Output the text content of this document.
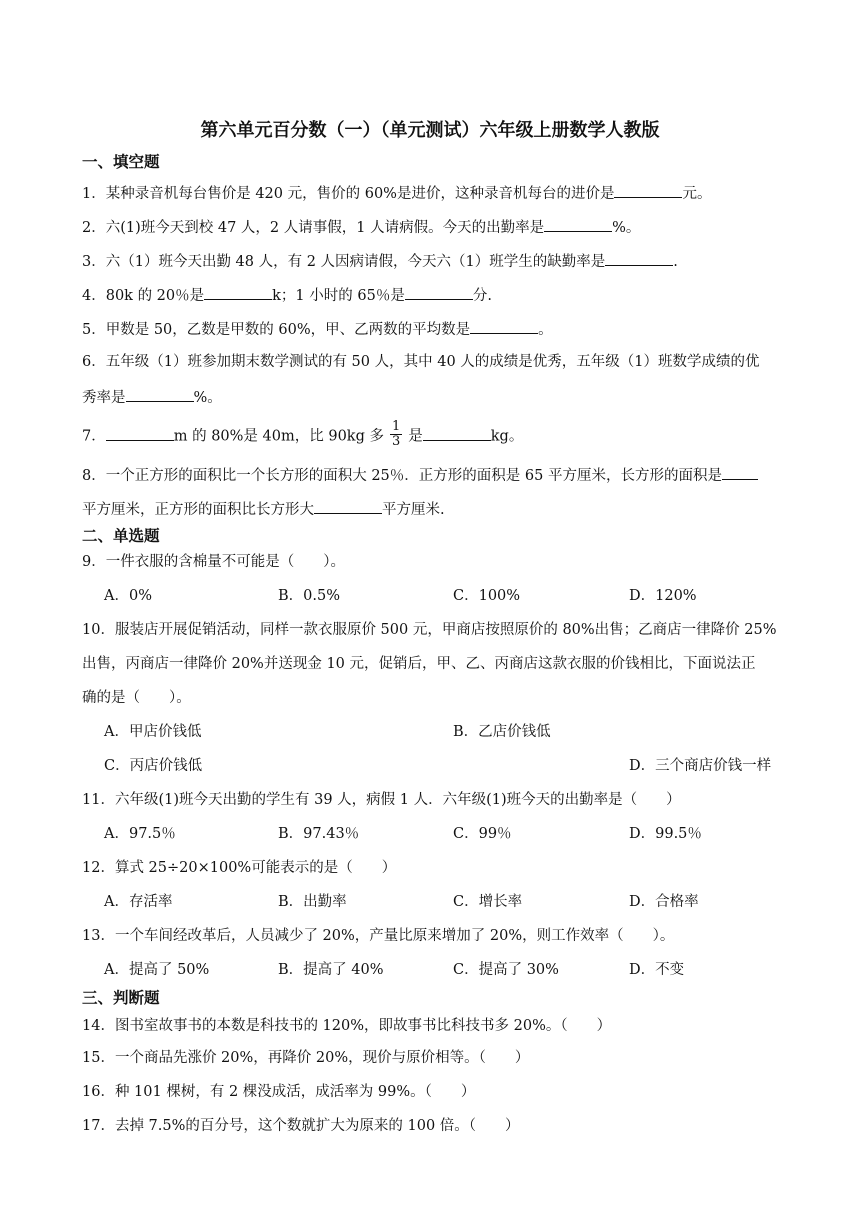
第六单元百分数（一）（单元测试）六年级上册数学人教版
一、填空题
1．某种录音机每台售价是 420 元，售价的 60%是进价，这种录音机每台的进价是	元。
2．六(1)班今天到校 47 人，2 人请事假，1 人请病假。今天的出勤率是	%。
3．六（1）班今天出勤 48 人，有 2 人因病请假，今天六（1）班学生的缺勤率是	.
4．80k 的 20％是	k；1 小时的 65％是	分.
5．甲数是 50，乙数是甲数的 60%，甲、乙两数的平均数是	。
6．五年级（1）班参加期末数学测试的有 50 人，其中 40 人的成绩是优秀，五年级（1）班数学成绩的优
秀率是	%。
7．	m 的 80%是 40m，比 90kg 多 $\frac{1}{3}$ 是	kg。
8．一个正方形的面积比一个长方形的面积大 25％．正方形的面积是 65 平方厘米，长方形的面积是
平方厘米，正方形的面积比长方形大	平方厘米.
二、单选题
9．一件衣服的含棉量不可能是（　　）。
A．0%	B．0.5%	C．100%	D．120%
10．服装店开展促销活动，同样一款衣服原价 500 元，甲商店按照原价的 80%出售；乙商店一律降价 25%
出售，丙商店一律降价 20%并送现金 10 元，促销后，甲、乙、丙商店这款衣服的价钱相比，下面说法正
确的是（　　）。
A．甲店价钱低	B．乙店价钱低
C．丙店价钱低	D．三个商店价钱一样
11．六年级(1)班今天出勤的学生有 39 人，病假 1 人．六年级(1)班今天的出勤率是（　　）
A．97.5％	B．97.43％	C．99％	D．99.5％
12．算式 25÷20×100%可能表示的是（　　）
A．存活率	B．出勤率	C．增长率	D．合格率
13．一个车间经改革后，人员减少了 20%，产量比原来增加了 20%，则工作效率（　　）。
A．提高了 50%	B．提高了 40%	C．提高了 30%	D．不变
三、判断题
14．图书室故事书的本数是科技书的 120%，即故事书比科技书多 20%。（　　）
15．一个商品先涨价 20%，再降价 20%，现价与原价相等。（　　）
16．种 101 棵树，有 2 棵没成活，成活率为 99%。（　　）
17．去掉 7.5%的百分号，这个数就扩大为原来的 100 倍。（　　）
